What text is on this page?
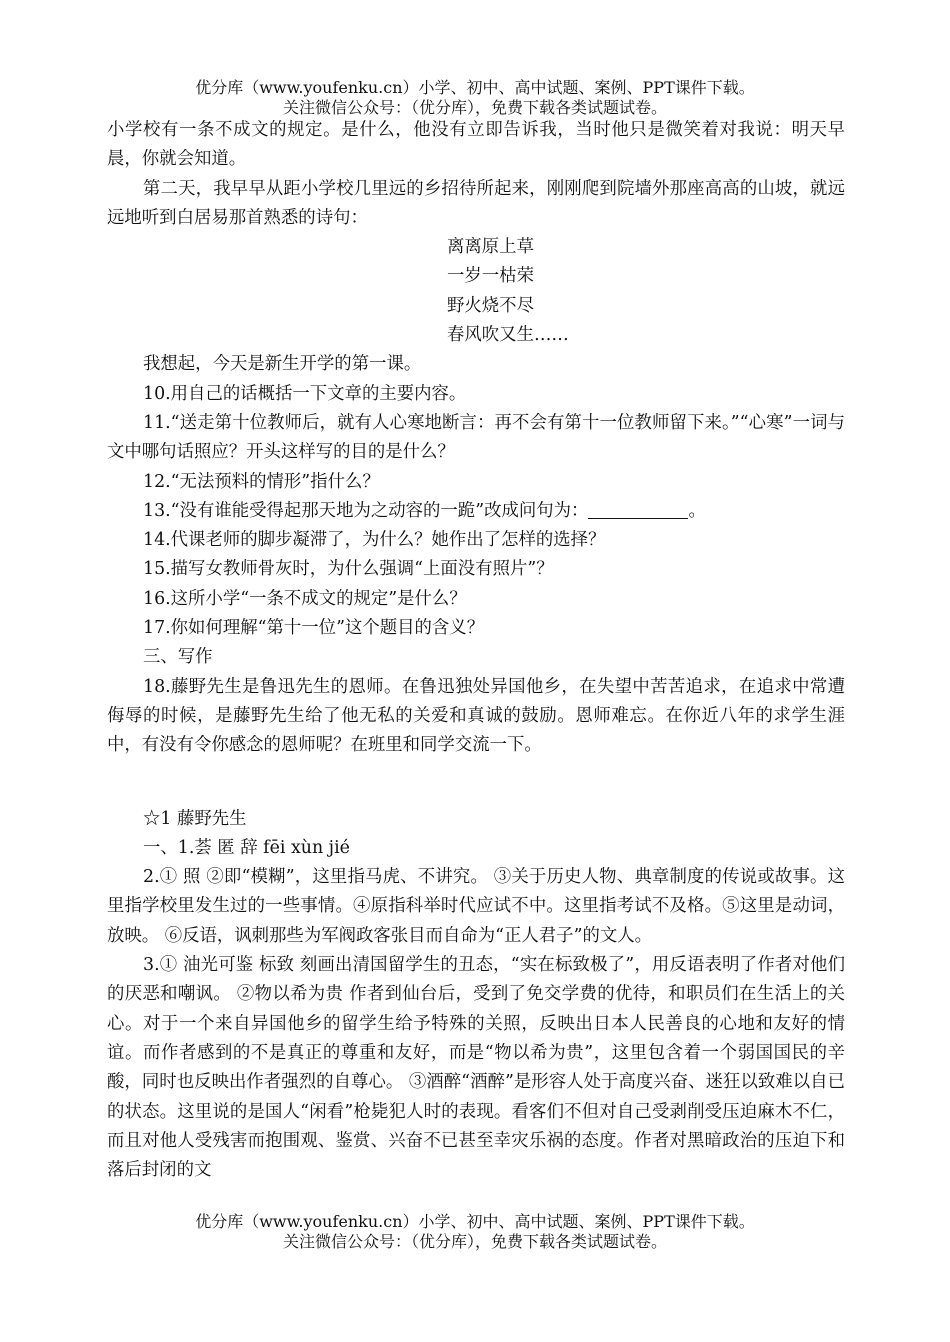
优分库（www.youfenku.cn）小学、初中、高中试题、案例、PPT课件下载。
关注微信公众号：（优分库），免费下载各类试题试卷。

小学校有一条不成文的规定。是什么，他没有立即告诉我，当时他只是微笑着对我说：明天早晨，你就会知道。

第二天，我早早从距小学校几里远的乡招待所起来，刚刚爬到院墙外那座高高的山坡，就远远地听到白居易那首熟悉的诗句：

离离原上草

一岁一枯荣

野火烧不尽

春风吹又生……

我想起，今天是新生开学的第一课。

10.用自己的话概括一下文章的主要内容。

11.“送走第十位教师后，就有人心寒地断言：再不会有第十一位教师留下来。”“心寒”一词与文中哪句话照应？开头这样写的目的是什么？

12.“无法预料的情形”指什么？

13.“没有谁能受得起那天地为之动容的一跪”改成问句为：	。

14.代课老师的脚步凝滞了，为什么？她作出了怎样的选择？

15.描写女教师骨灰时，为什么强调“上面没有照片”？

16.这所小学“一条不成文的规定”是什么？

17.你如何理解“第十一位”这个题目的含义？

三、写作

18.藤野先生是鲁迅先生的恩师。在鲁迅独处异国他乡，在失望中苦苦追求，在追求中常遭侮辱的时候，是藤野先生给了他无私的关爱和真诚的鼓励。恩师难忘。在你近八年的求学生涯中，有没有令你感念的恩师呢？在班里和同学交流一下。

☆1 藤野先生

一、1.荟 匿 辞 fēi xùn jié

2.① 照 ②即“模糊”，这里指马虎、不讲究。 ③关于历史人物、典章制度的传说或故事。这里指学校里发生过的一些事情。④原指科举时代应试不中。这里指考试不及格。⑤这里是动词，放映。 ⑥反语，讽刺那些为军阀政客张目而自命为“正人君子”的文人。

3.① 油光可鉴 标致 刻画出清国留学生的丑态，“实在标致极了”，用反语表明了作者对他们的厌恶和嘲讽。 ②物以希为贵 作者到仙台后，受到了免交学费的优待，和职员们在生活上的关心。对于一个来自异国他乡的留学生给予特殊的关照，反映出日本人民善良的心地和友好的情谊。而作者感到的不是真正的尊重和友好，而是“物以希为贵”，这里包含着一个弱国国民的辛酸，同时也反映出作者强烈的自尊心。 ③酒醉“酒醉”是形容人处于高度兴奋、迷狂以致难以自已的状态。这里说的是国人“闲看”枪毙犯人时的表现。看客们不但对自己受剥削受压迫麻木不仁，而且对他人受残害而抱围观、鉴赏、兴奋不已甚至幸灾乐祸的态度。作者对黑暗政治的压迫下和落后封闭的文

优分库（www.youfenku.cn）小学、初中、高中试题、案例、PPT课件下载。
关注微信公众号：（优分库），免费下载各类试题试卷。
